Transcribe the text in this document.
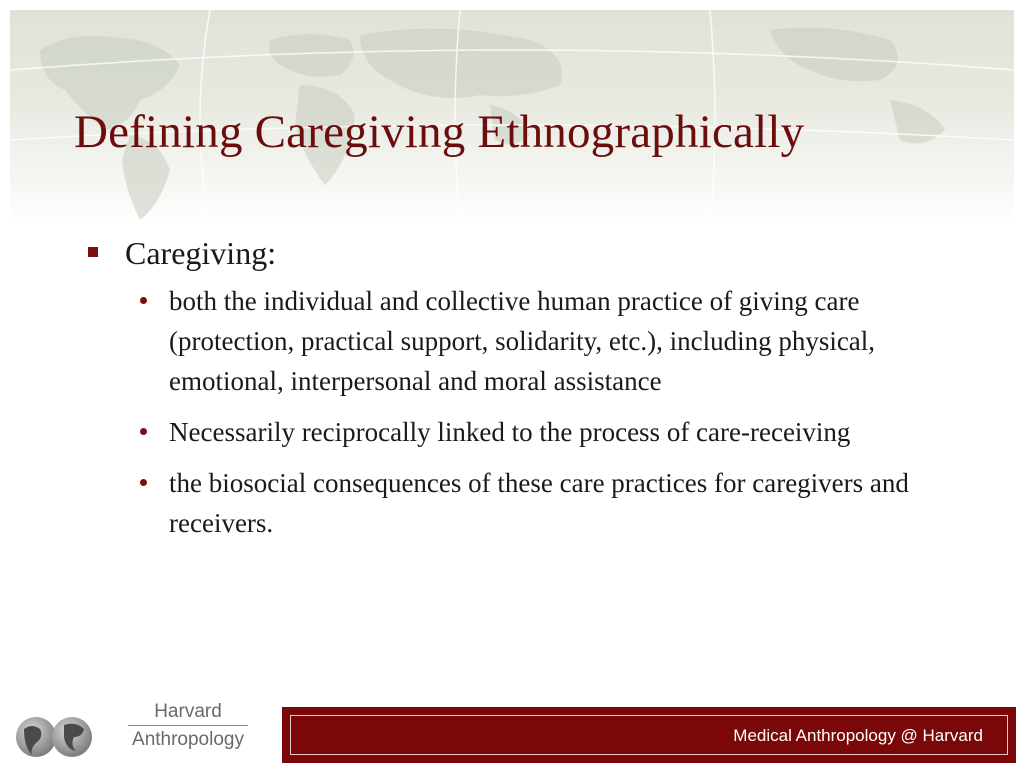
Defining Caregiving Ethnographically
Caregiving:
both the individual and collective human practice of giving care (protection, practical support, solidarity, etc.), including physical, emotional, interpersonal and moral assistance
Necessarily reciprocally linked to the process of care-receiving
the biosocial consequences of these care practices for caregivers and receivers.
Harvard
Anthropology	Medical Anthropology @ Harvard
